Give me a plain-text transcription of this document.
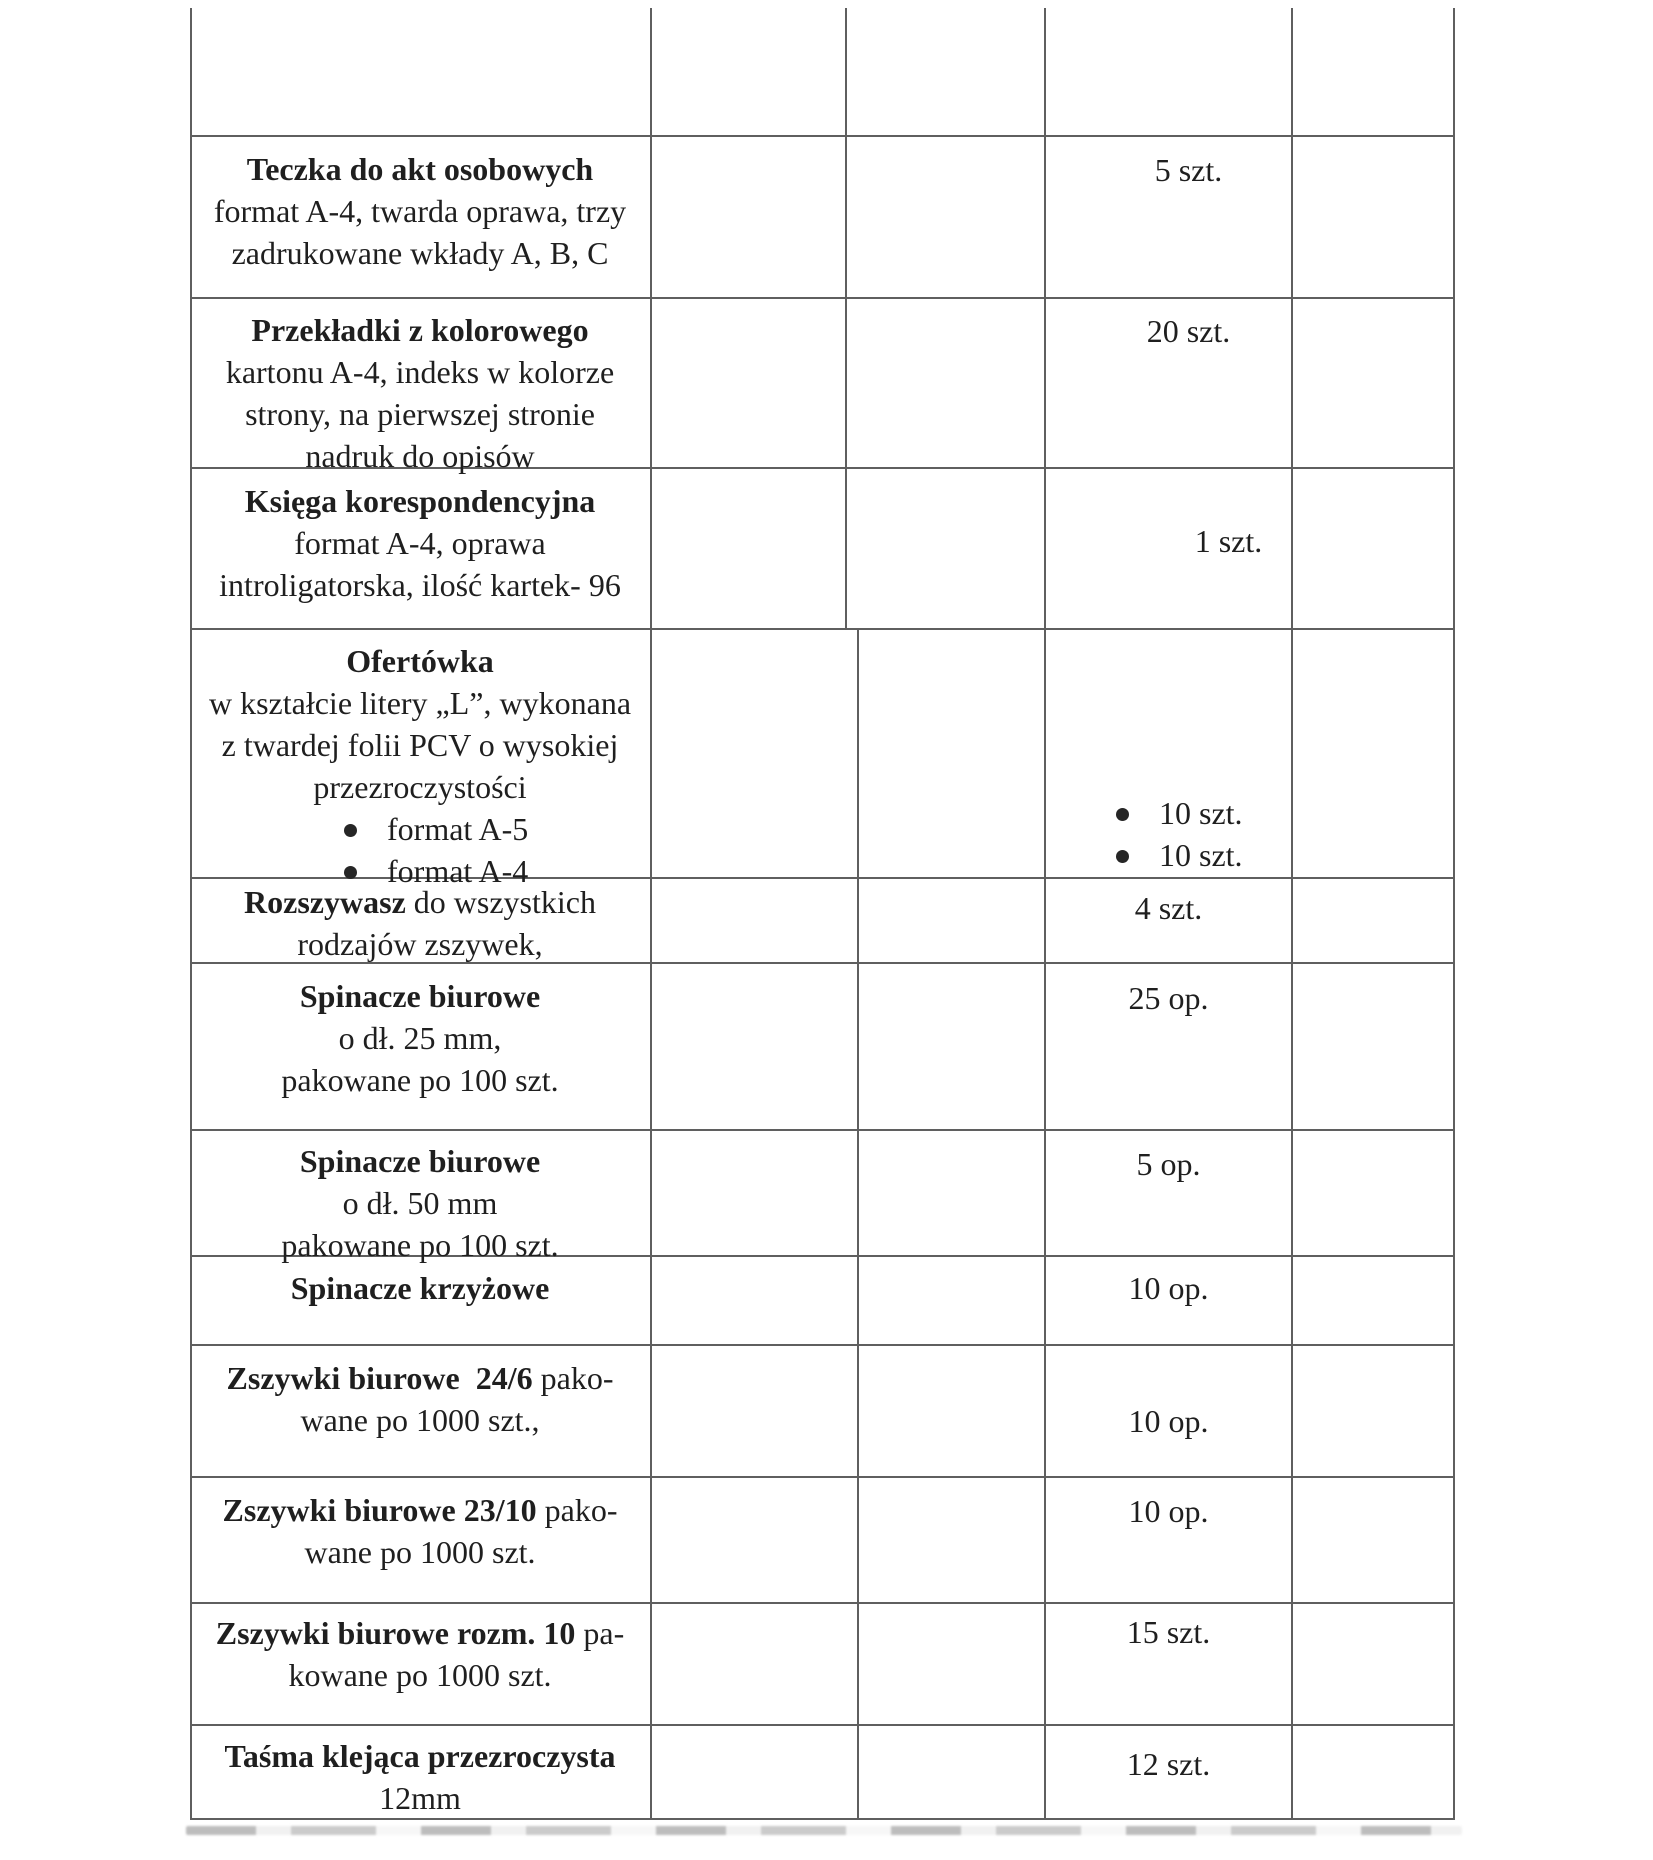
Teczka do akt osobowych
format A-4, twarda oprawa, trzy
zadrukowane wkłady A, B, C
5 szt.
Przekładki z kolorowego
kartonu A-4, indeks w kolorze
strony, na pierwszej stronie
nadruk do opisów
20 szt.
Księga korespondencyjna
format A-4, oprawa
introligatorska, ilość kartek- 96
1 szt.
Ofertówka
w kształcie litery „L”, wykonana
z twardej folii PCV o wysokiej
przezroczystości
format A-5
format A-4
10 szt.
10 szt.
Rozszywasz do wszystkich
rodzajów zszywek,
4 szt.
Spinacze biurowe
o dł. 25 mm,
pakowane po 100 szt.
25 op.
Spinacze biurowe
o dł. 50 mm
pakowane po 100 szt.
5 op.
Spinacze krzyżowe	10 op.
Zszywki biurowe  24/6 pako-
wane po 1000 szt.,	10 op.
Zszywki biurowe 23/10 pako-
wane po 1000 szt.
10 op.
Zszywki biurowe rozm. 10 pa-
kowane po 1000 szt.
15 szt.
Taśma klejąca przezroczysta
12mm
12 szt.
